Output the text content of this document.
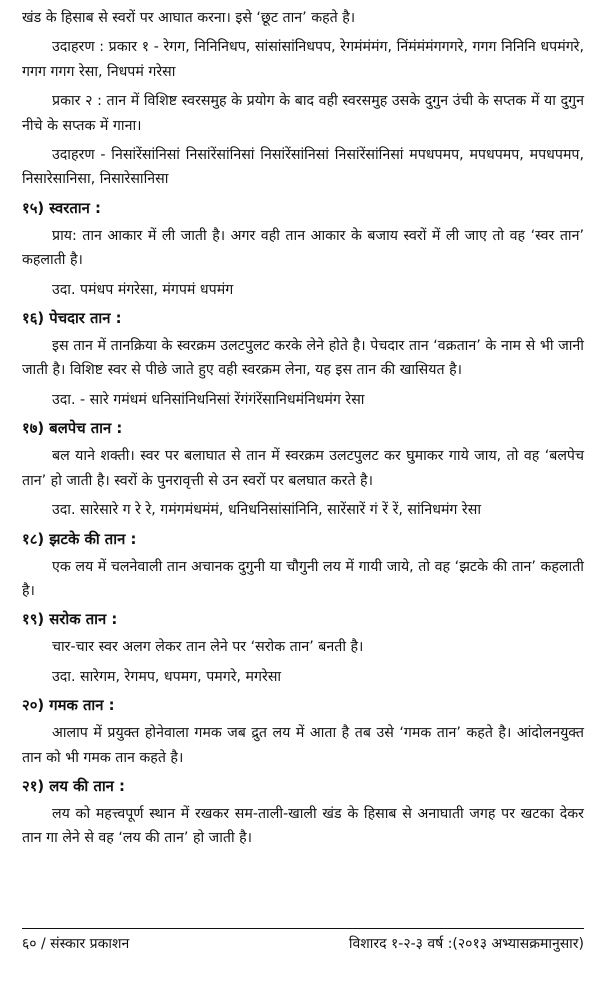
खंड के हिसाब से स्वरों पर आघात करना। इसे ‘छूट तान’ कहते है।
उदाहरण : प्रकार १ - रेगग, निनिनिधप, सांसांसांनिधपप, रेगमंमंमंग, निंमंमंमंगगगरे, गगग निनिनि धपमंगरे, गगग गगग रेसा, निधपमं गरेसा
प्रकार २ : तान में विशिष्ट स्वरसमुह के प्रयोग के बाद वही स्वरसमुह उसके दुगुन उंची के सप्तक में या दुगुन नीचे के सप्तक में गाना।
उदाहरण - निसांरेंसांनिसां निसांरेंसांनिसां निसांरेंसांनिसां निसांरेंसांनिसां मपधपमप, मपधपमप, मपधपमप, निसारेसानिसा, निसारेसानिसा
१५) स्वरतान :
प्राय: तान आकार में ली जाती है। अगर वही तान आकार के बजाय स्वरों में ली जाए तो वह ‘स्वर तान’ कहलाती है।
उदा. पमंधप मंगरेसा, मंगपमं धपमंग
१६) पेचदार तान :
इस तान में तानक्रिया के स्वरक्रम उलटपुलट करके लेने होते है। पेचदार तान ‘वक्रतान’ के नाम से भी जानी जाती है। विशिष्ट स्वर से पीछे जाते हुए वही स्वरक्रम लेना, यह इस तान की खासियत है।
उदा. - सारे गमंधमं धनिसांनिधनिसां रेंगंगंरेंसानिधमंनिधमंग रेसा
१७) बलपेच तान :
बल याने शक्ती। स्वर पर बलाघात से तान में स्वरक्रम उलटपुलट कर घुमाकर गाये जाय, तो वह ‘बलपेच तान’ हो जाती है। स्वरों के पुनरावृत्ती से उन स्वरों पर बलघात करते है।
उदा. सारेसारे ग रे रे, गमंगमंधमंमं, धनिधनिसांसांनिनि, सारेंसारें गं रें रें, सांनिधमंग रेसा
१८) झटके की तान :
एक लय में चलनेवाली तान अचानक दुगुनी या चौगुनी लय में गायी जाये, तो वह ‘झटके की तान’ कहलाती है।
१९) सरोक तान :
चार-चार स्वर अलग लेकर तान लेने पर ‘सरोक तान’ बनती है।
उदा. सारेगम, रेगमप, धपमग, पमगरे, मगरेसा
२०) गमक तान :
आलाप में प्रयुक्त होनेवाला गमक जब द्रुत लय में आता है तब उसे ‘गमक तान’ कहते है। आंदोलनयुक्त तान को भी गमक तान कहते है।
२१) लय की तान :
लय को महत्त्वपूर्ण स्थान में रखकर सम-ताली-खाली खंड के हिसाब से अनाघाती जगह पर खटका देकर तान गा लेने से वह ‘लय की तान’ हो जाती है।
६० / संस्कार प्रकाशन	विशारद १-२-३ वर्ष :(२०१३ अभ्यासक्रमानुसार)
